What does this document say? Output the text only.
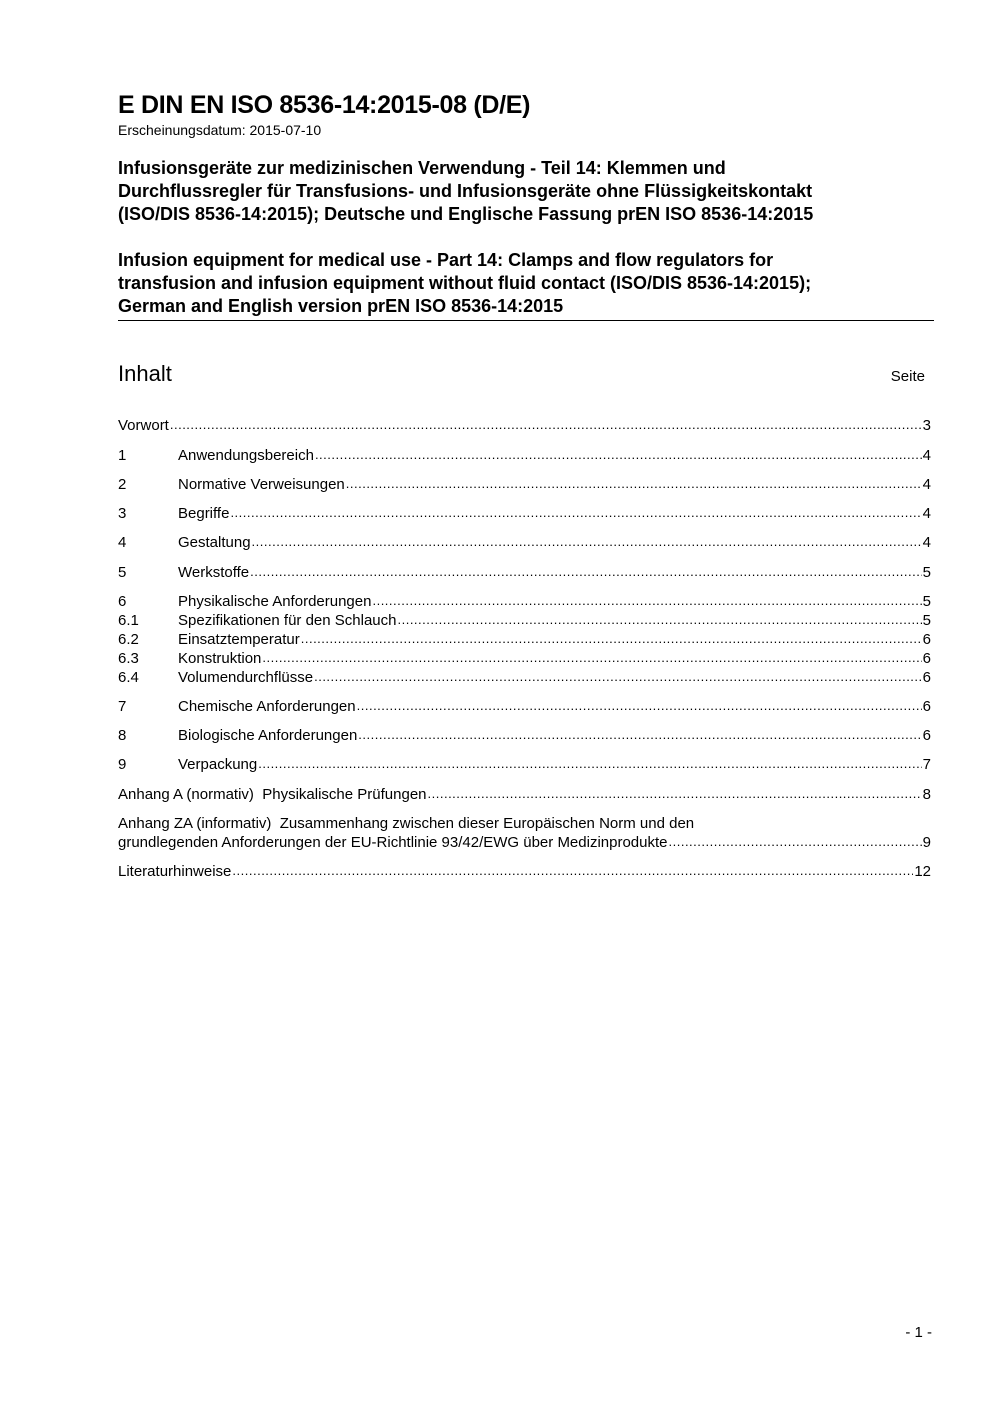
E DIN EN ISO 8536-14:2015-08 (D/E)
Erscheinungsdatum: 2015-07-10
Infusionsgeräte zur medizinischen Verwendung - Teil 14: Klemmen und
Durchflussregler für Transfusions- und Infusionsgeräte ohne Flüssigkeitskontakt
(ISO/DIS 8536-14:2015); Deutsche und Englische Fassung prEN ISO 8536-14:2015
Infusion equipment for medical use - Part 14: Clamps and flow regulators for
transfusion and infusion equipment without fluid contact (ISO/DIS 8536-14:2015);
German and English version prEN ISO 8536-14:2015
Inhalt	Seite
Vorwort .....	3
1	Anwendungsbereich .....	4
2	Normative Verweisungen .....	4
3	Begriffe .....	4
4	Gestaltung .....	4
5	Werkstoffe .....	5
6	Physikalische Anforderungen .....	5
6.1	Spezifikationen für den Schlauch .....	5
6.2	Einsatztemperatur .....	6
6.3	Konstruktion .....	6
6.4	Volumendurchflüsse .....	6
7	Chemische Anforderungen .....	6
8	Biologische Anforderungen .....	6
9	Verpackung .....	7
Anhang A (normativ)  Physikalische Prüfungen .....	8
Anhang ZA (informativ)  Zusammenhang zwischen dieser Europäischen Norm und den
grundlegenden Anforderungen der EU-Richtlinie 93/42/EWG über Medizinprodukte .....	9
Literaturhinweise .....	12
- 1 -
